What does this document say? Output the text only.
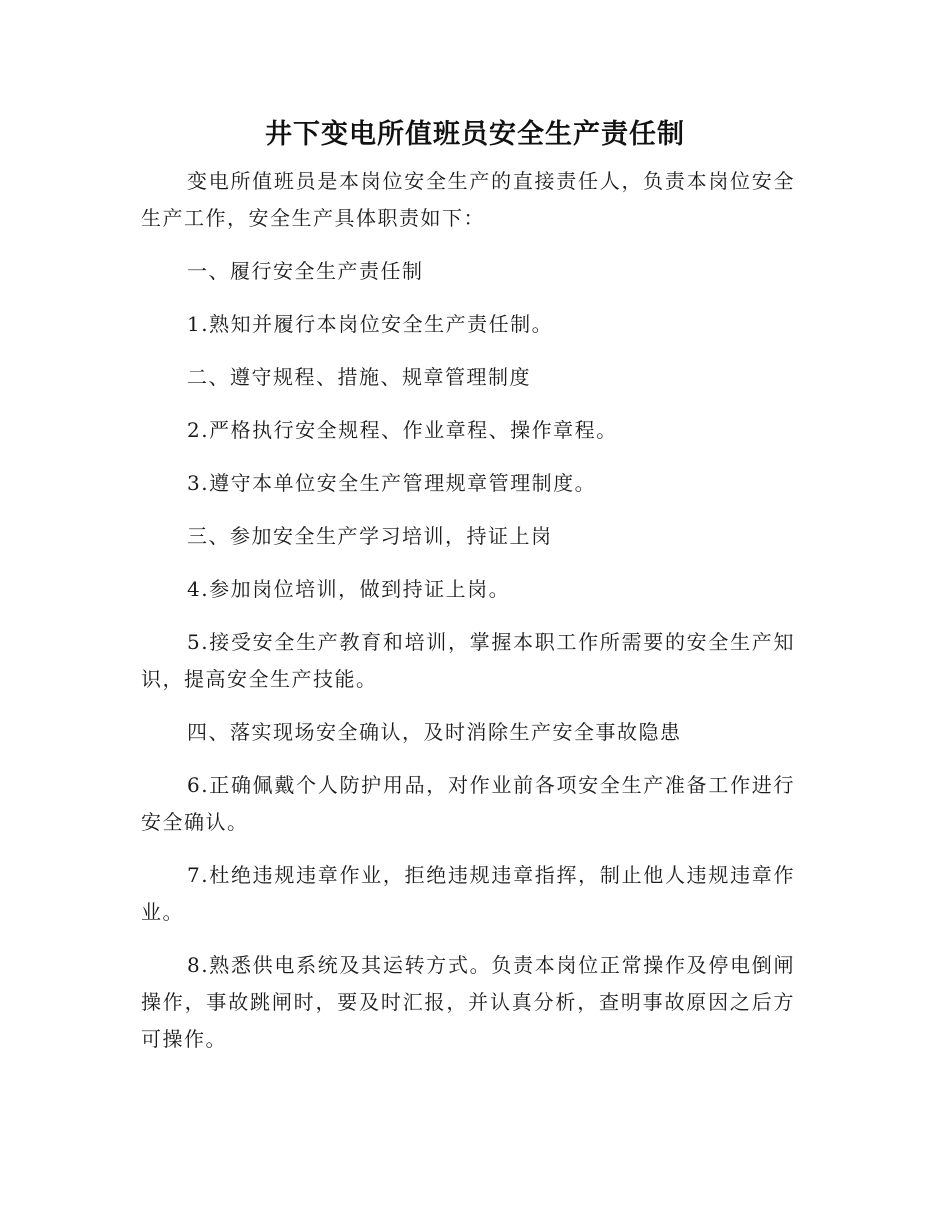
井下变电所值班员安全生产责任制

变电所值班员是本岗位安全生产的直接责任人，负责本岗位安全生产工作，安全生产具体职责如下：

一、履行安全生产责任制

1.熟知并履行本岗位安全生产责任制。

二、遵守规程、措施、规章管理制度

2.严格执行安全规程、作业章程、操作章程。

3.遵守本单位安全生产管理规章管理制度。

三、参加安全生产学习培训，持证上岗

4.参加岗位培训，做到持证上岗。

5.接受安全生产教育和培训，掌握本职工作所需要的安全生产知识，提高安全生产技能。

四、落实现场安全确认，及时消除生产安全事故隐患

6.正确佩戴个人防护用品，对作业前各项安全生产准备工作进行安全确认。

7.杜绝违规违章作业，拒绝违规违章指挥，制止他人违规违章作业。

8.熟悉供电系统及其运转方式。负责本岗位正常操作及停电倒闸操作，事故跳闸时，要及时汇报，并认真分析，查明事故原因之后方可操作。
